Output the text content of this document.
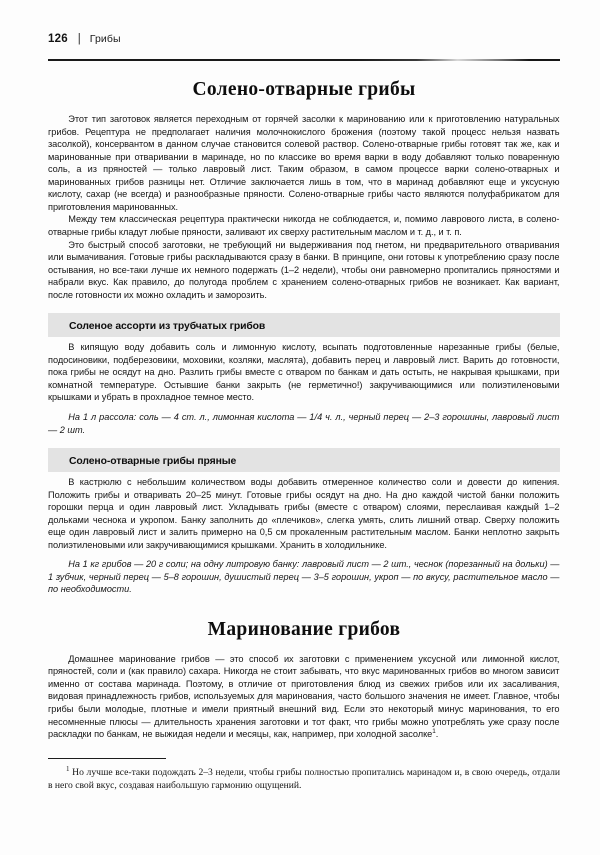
126 | Грибы
Солено-отварные грибы

Этот тип заготовок является переходным от горячей засолки к маринованию или к приготовлению натуральных грибов. Рецептура не предполагает наличия молочнокислого брожения (поэтому такой процесс нельзя назвать засолкой), консервантом в данном случае становится солевой раствор. Солено-отварные грибы готовят так же, как и маринованные при отваривании в маринаде, но по классике во время варки в воду добавляют только поваренную соль, а из пряностей — только лавровый лист. Таким образом, в самом процессе варки солено-отварных и маринованных грибов разницы нет. Отличие заключается лишь в том, что в маринад добавляют еще и уксусную кислоту, сахар (не всегда) и разнообразные пряности. Солено-отварные грибы часто являются полуфабрикатом для приготовления маринованных.

Между тем классическая рецептура практически никогда не соблюдается, и, помимо лаврового листа, в солено-отварные грибы кладут любые пряности, заливают их сверху растительным маслом и т. д., и т. п.

Это быстрый способ заготовки, не требующий ни выдерживания под гнетом, ни предварительного отваривания или вымачивания. Готовые грибы раскладываются сразу в банки. В принципе, они готовы к употреблению сразу после остывания, но все-таки лучше их немного подержать (1–2 недели), чтобы они равномерно пропитались пряностями и набрали вкус. Как правило, до полугода проблем с хранением солено-отварных грибов не возникает. Как вариант, после готовности их можно охладить и заморозить.

Соленое ассорти из трубчатых грибов

В кипящую воду добавить соль и лимонную кислоту, всыпать подготовленные нарезанные грибы (белые, подосиновики, подберезовики, моховики, козляки, маслята), добавить перец и лавровый лист. Варить до готовности, пока грибы не осядут на дно. Разлить грибы вместе с отваром по банкам и дать остыть, не накрывая крышками, при комнатной температуре. Остывшие банки закрыть (не герметично!) закручивающимися или полиэтиленовыми крышками и убрать в прохладное темное место.

На 1 л рассола: соль — 4 ст. л., лимонная кислота — 1/4 ч. л., черный перец — 2–3 горошины, лавровый лист — 2 шт.

Солено-отварные грибы пряные

В кастрюлю с небольшим количеством воды добавить отмеренное количество соли и довести до кипения. Положить грибы и отваривать 20–25 минут. Готовые грибы осядут на дно. На дно каждой чистой банки положить горошки перца и один лавровый лист. Укладывать грибы (вместе с отваром) слоями, переслаивая каждый 1–2 дольками чеснока и укропом. Банку заполнить до «плечиков», слегка умять, слить лишний отвар. Сверху положить еще один лавровый лист и залить примерно на 0,5 см прокаленным растительным маслом. Банки неплотно закрыть полиэтиленовыми или закручивающимися крышками. Хранить в холодильнике.

На 1 кг грибов — 20 г соли; на одну литровую банку: лавровый лист — 2 шт., чеснок (порезанный на дольки) — 1 зубчик, черный перец — 5–8 горошин, душистый перец — 3–5 горошин, укроп — по вкусу, растительное масло — по необходимости.

Маринование грибов

Домашнее маринование грибов — это способ их заготовки с применением уксусной или лимонной кислот, пряностей, соли и (как правило) сахара. Никогда не стоит забывать, что вкус маринованных грибов во многом зависит именно от состава маринада. Поэтому, в отличие от приготовления блюд из свежих грибов или их засаливания, видовая принадлежность грибов, используемых для маринования, часто большого значения не имеет. Главное, чтобы грибы были молодые, плотные и имели приятный внешний вид. Если это некоторый минус маринования, то его несомненные плюсы — длительность хранения заготовки и тот факт, что грибы можно употреблять уже сразу после раскладки по банкам, не выжидая недели и месяцы, как, например, при холодной засолке$^1$.

$^1$ Но лучше все-таки подождать 2–3 недели, чтобы грибы полностью пропитались маринадом и, в свою очередь, отдали в него свой вкус, создавая наибольшую гармонию ощущений.
